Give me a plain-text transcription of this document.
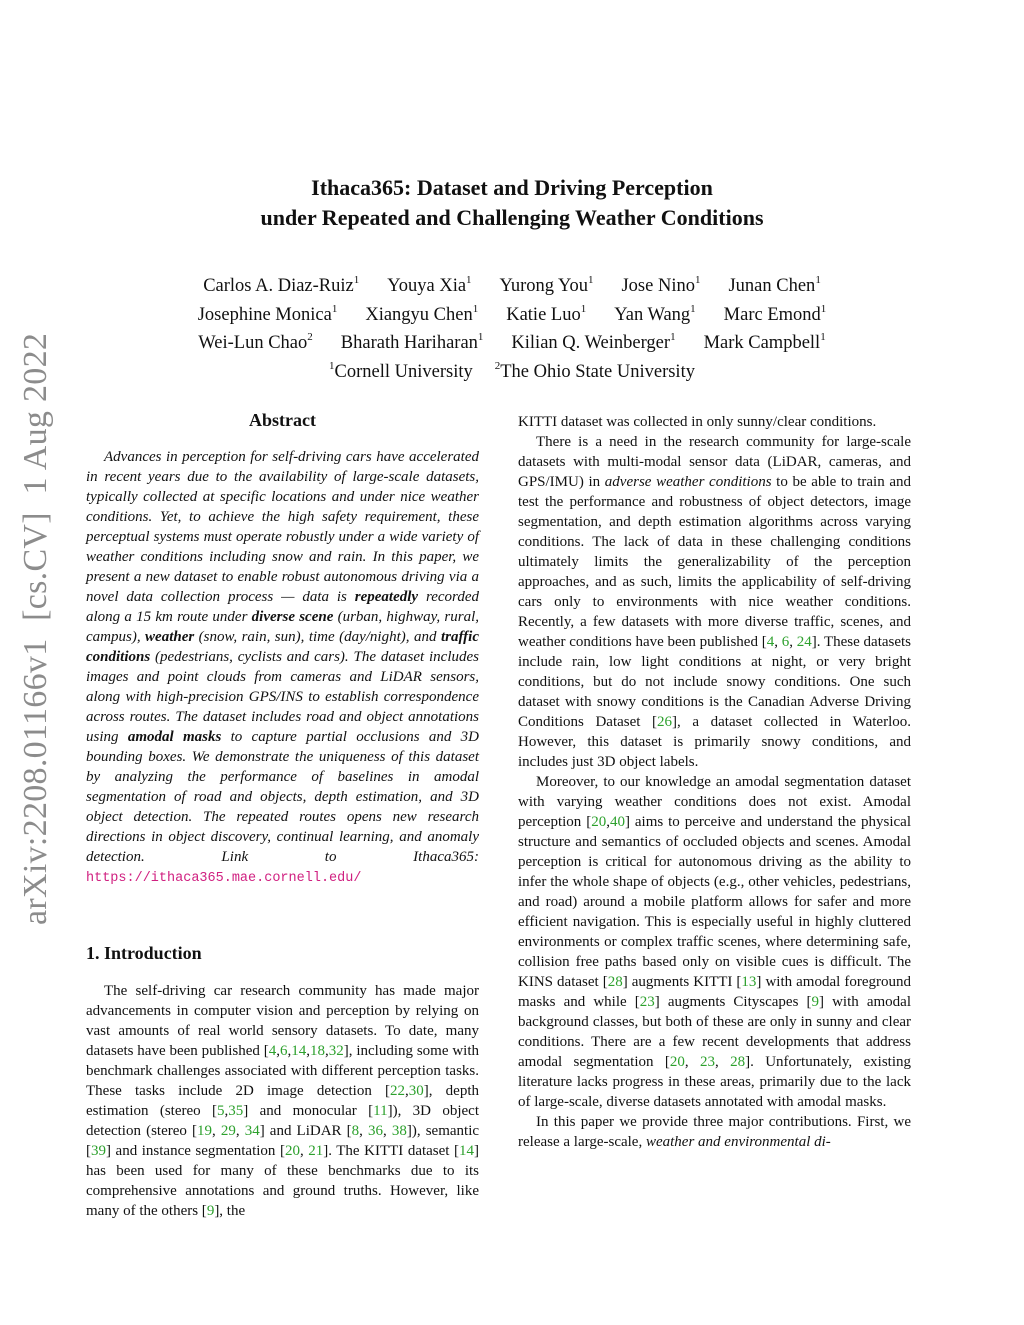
arXiv:2208.01166v1  [cs.CV]  1 Aug 2022
Ithaca365: Dataset and Driving Perception
under Repeated and Challenging Weather Conditions
Carlos A. Diaz-Ruiz$^1$ Youya Xia$^1$ Yurong You$^1$ Jose Nino$^1$ Junan Chen$^1$
Josephine Monica$^1$ Xiangyu Chen$^1$ Katie Luo$^1$ Yan Wang$^1$ Marc Emond$^1$
Wei-Lun Chao$^2$ Bharath Hariharan$^1$ Kilian Q. Weinberger$^1$ Mark Campbell$^1$
$^1$Cornell University $^2$The Ohio State University
Abstract

Advances in perception for self-driving cars have accelerated in recent years due to the availability of large-scale datasets, typically collected at specific locations and under nice weather conditions. Yet, to achieve the high safety requirement, these perceptual systems must operate robustly under a wide variety of weather conditions including snow and rain. In this paper, we present a new dataset to enable robust autonomous driving via a novel data collection process — data is repeatedly recorded along a 15 km route under diverse scene (urban, highway, rural, campus), weather (snow, rain, sun), time (day/night), and traffic conditions (pedestrians, cyclists and cars). The dataset includes images and point clouds from cameras and LiDAR sensors, along with high-precision GPS/INS to establish correspondence across routes. The dataset includes road and object annotations using amodal masks to capture partial occlusions and 3D bounding boxes. We demonstrate the uniqueness of this dataset by analyzing the performance of baselines in amodal segmentation of road and objects, depth estimation, and 3D object detection. The repeated routes opens new research directions in object discovery, continual learning, and anomaly detection. Link to Ithaca365: https://ithaca365.mae.cornell.edu/

1. Introduction

The self-driving car research community has made major advancements in computer vision and perception by relying on vast amounts of real world sensory datasets. To date, many datasets have been published [4,6,14,18,32], including some with benchmark challenges associated with different perception tasks. These tasks include 2D image detection [22,30], depth estimation (stereo [5,35] and monocular [11]), 3D object detection (stereo [19, 29, 34] and LiDAR [8, 36, 38]), semantic [39] and instance segmentation [20, 21]. The KITTI dataset [14] has been used for many of these benchmarks due to its comprehensive annotations and ground truths. However, like many of the others [9], the

KITTI dataset was collected in only sunny/clear conditions.

There is a need in the research community for large-scale datasets with multi-modal sensor data (LiDAR, cameras, and GPS/IMU) in adverse weather conditions to be able to train and test the performance and robustness of object detectors, image segmentation, and depth estimation algorithms across varying conditions. The lack of data in these challenging conditions ultimately limits the generalizability of the perception approaches, and as such, limits the applicability of self-driving cars only to environments with nice weather conditions. Recently, a few datasets with more diverse traffic, scenes, and weather conditions have been published [4, 6, 24]. These datasets include rain, low light conditions at night, or very bright conditions, but do not include snowy conditions. One such dataset with snowy conditions is the Canadian Adverse Driving Conditions Dataset [26], a dataset collected in Waterloo. However, this dataset is primarily snowy conditions, and includes just 3D object labels.

Moreover, to our knowledge an amodal segmentation dataset with varying weather conditions does not exist. Amodal perception [20,40] aims to perceive and understand the physical structure and semantics of occluded objects and scenes. Amodal perception is critical for autonomous driving as the ability to infer the whole shape of objects (e.g., other vehicles, pedestrians, and road) around a mobile platform allows for safer and more efficient navigation. This is especially useful in highly cluttered environments or complex traffic scenes, where determining safe, collision free paths based only on visible cues is difficult. The KINS dataset [28] augments KITTI [13] with amodal foreground masks and while [23] augments Cityscapes [9] with amodal background classes, but both of these are only in sunny and clear conditions. There are a few recent developments that address amodal segmentation [20, 23, 28]. Unfortunately, existing literature lacks progress in these areas, primarily due to the lack of large-scale, diverse datasets annotated with amodal masks.

In this paper we provide three major contributions. First, we release a large-scale, weather and environmental di-
